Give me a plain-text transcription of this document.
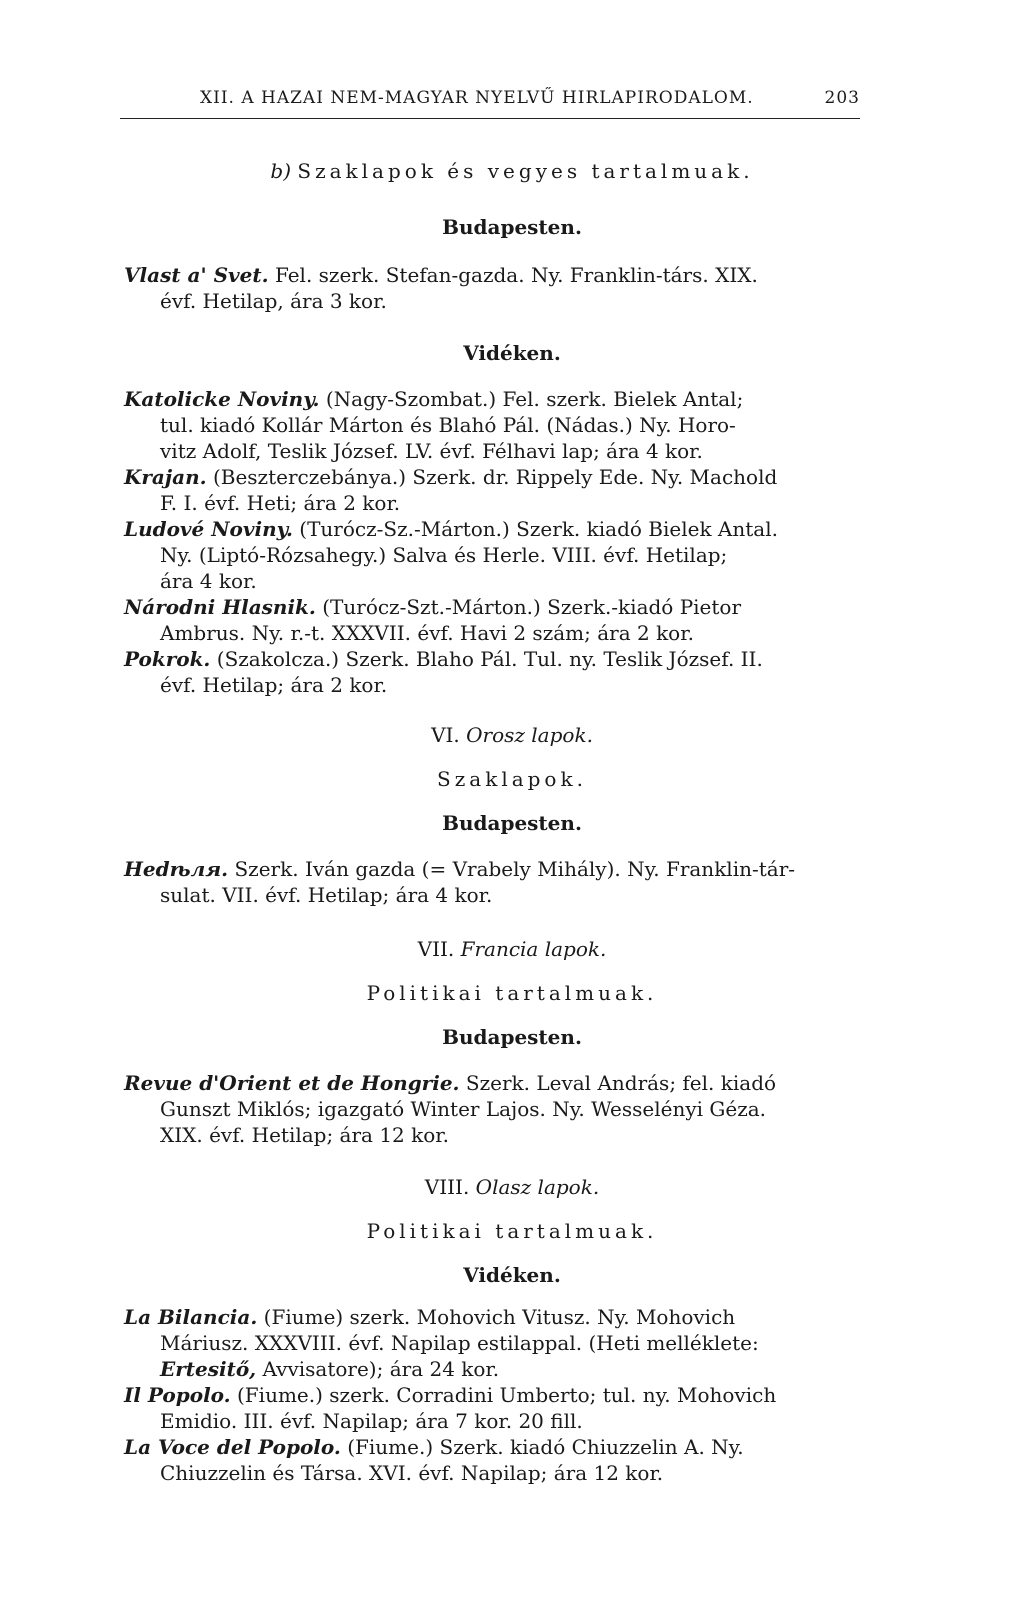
XII. A HAZAI NEM-MAGYAR NYELVŰ HIRLAPIRODALOM.	203
b) Szaklapok és vegyes tartalmuak.
Budapesten.
Vlast a' Svet. Fel. szerk. Stefan-gazda. Ny. Franklin-társ. XIX.
évf. Hetilap, ára 3 kor.
Vidéken.
Katolicke Noviny. (Nagy-Szombat.) Fel. szerk. Bielek Antal;
tul. kiadó Kollár Márton és Blahó Pál. (Nádas.) Ny. Horo-
vitz Adolf, Teslik József. LV. évf. Félhavi lap; ára 4 kor.
Krajan. (Beszterczebánya.) Szerk. dr. Rippely Ede. Ny. Machold
F. I. évf. Heti; ára 2 kor.
Ludové Noviny. (Turócz-Sz.-Márton.) Szerk. kiadó Bielek Antal.
Ny. (Liptó-Rózsahegy.) Salva és Herle. VIII. évf. Hetilap;
ára 4 kor.
Národni Hlasnik. (Turócz-Szt.-Márton.) Szerk.-kiadó Pietor
Ambrus. Ny. r.-t. XXXVII. évf. Havi 2 szám; ára 2 kor.
Pokrok. (Szakolcza.) Szerk. Blaho Pál. Tul. ny. Teslik József. II.
évf. Hetilap; ára 2 kor.
VI. Orosz lapok.
Szaklapok.
Budapesten.
Неdѣля. Szerk. Iván gazda (= Vrabely Mihály). Ny. Franklin-tár-
sulat. VII. évf. Hetilap; ára 4 kor.
VII. Francia lapok.
Politikai tartalmuak.
Budapesten.
Revue d'Orient et de Hongrie. Szerk. Leval András; fel. kiadó
Gunszt Miklós; igazgató Winter Lajos. Ny. Wesselényi Géza.
XIX. évf. Hetilap; ára 12 kor.
VIII. Olasz lapok.
Politikai tartalmuak.
Vidéken.
La Bilancia. (Fiume) szerk. Mohovich Vitusz. Ny. Mohovich
Máriusz. XXXVIII. évf. Napilap estilappal. (Heti melléklete:
Ertesitő, Avvisatore); ára 24 kor.
Il Popolo. (Fiume.) szerk. Corradini Umberto; tul. ny. Mohovich
Emidio. III. évf. Napilap; ára 7 kor. 20 fill.
La Voce del Popolo. (Fiume.) Szerk. kiadó Chiuzzelin A. Ny.
Chiuzzelin és Társa. XVI. évf. Napilap; ára 12 kor.
